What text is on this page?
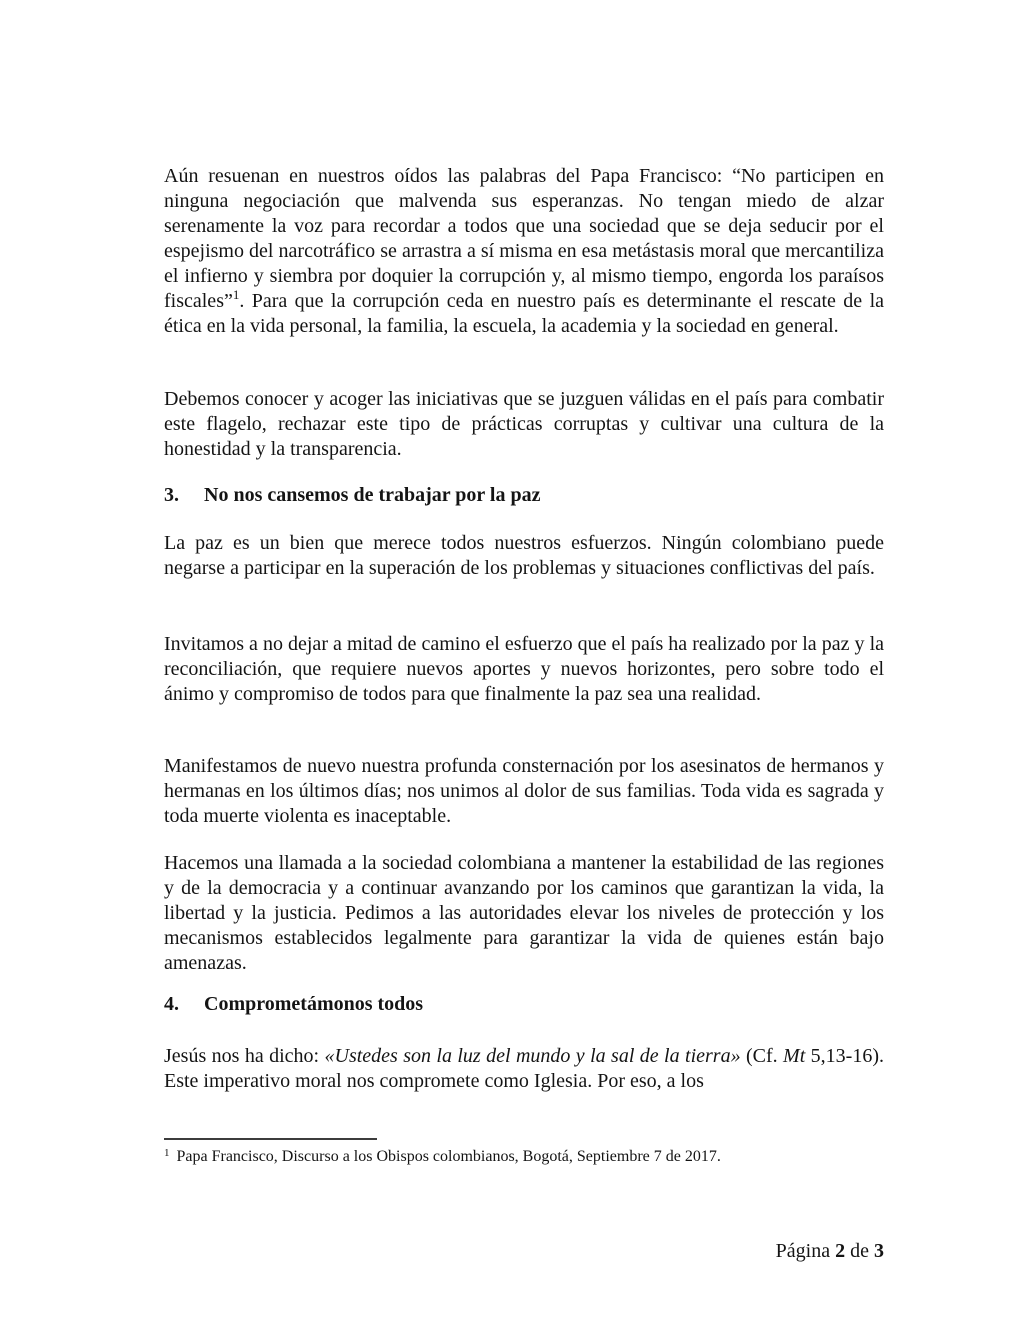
Aún resuenan en nuestros oídos las palabras del Papa Francisco: “No participen en ninguna negociación que malvenda sus esperanzas. No tengan miedo de alzar serenamente la voz para recordar a todos que una sociedad que se deja seducir por el espejismo del narcotráfico se arrastra a sí misma en esa metástasis moral que mercantiliza el infierno y siembra por doquier la corrupción y, al mismo tiempo, engorda los paraísos fiscales”$^1$. Para que la corrupción ceda en nuestro país es determinante el rescate de la ética en la vida personal, la familia, la escuela, la academia y la sociedad en general.

Debemos conocer y acoger las iniciativas que se juzguen válidas en el país para combatir este flagelo, rechazar este tipo de prácticas corruptas y cultivar una cultura de la honestidad y la transparencia.

3. No nos cansemos de trabajar por la paz

La paz es un bien que merece todos nuestros esfuerzos. Ningún colombiano puede negarse a participar en la superación de los problemas y situaciones conflictivas del país.

Invitamos a no dejar a mitad de camino el esfuerzo que el país ha realizado por la paz y la reconciliación, que requiere nuevos aportes y nuevos horizontes, pero sobre todo el ánimo y compromiso de todos para que finalmente la paz sea una realidad.

Manifestamos de nuevo nuestra profunda consternación por los asesinatos de hermanos y hermanas en los últimos días; nos unimos al dolor de sus familias. Toda vida es sagrada y toda muerte violenta es inaceptable.

Hacemos una llamada a la sociedad colombiana a mantener la estabilidad de las regiones y de la democracia y a continuar avanzando por los caminos que garantizan la vida, la libertad y la justicia. Pedimos a las autoridades elevar los niveles de protección y los mecanismos establecidos legalmente para garantizar la vida de quienes están bajo amenazas.

4. Comprometámonos todos

Jesús nos ha dicho: «Ustedes son la luz del mundo y la sal de la tierra» (Cf. Mt 5,13-16). Este imperativo moral nos compromete como Iglesia. Por eso, a los

$^1$ Papa Francisco, Discurso a los Obispos colombianos, Bogotá, Septiembre 7 de 2017.

Página 2 de 3
